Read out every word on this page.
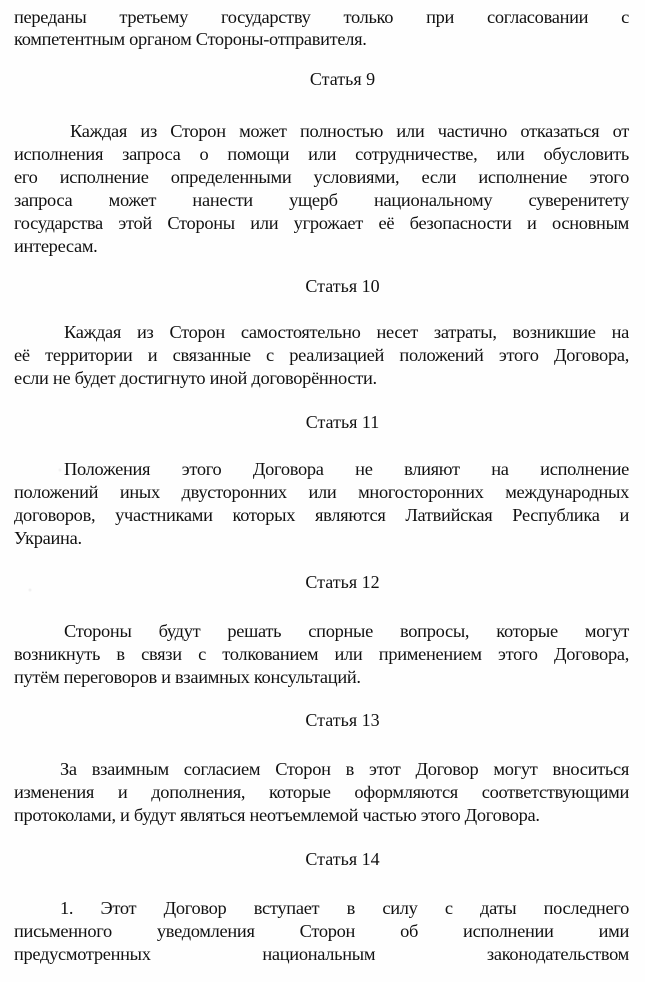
переданы третьему государству только при согласовании с
компетентным органом Стороны-отправителя.
Статья 9
Каждая из Сторон может полностью или частично отказаться от
исполнения запроса о помощи или сотрудничестве, или обусловить
его исполнение определенными условиями, если исполнение этого
запроса может нанести ущерб национальному суверенитету
государства этой Стороны или угрожает её безопасности и основным
интересам.
Статья 10
Каждая из Сторон самостоятельно несет затраты, возникшие на
её территории и связанные с реализацией положений этого Договора,
если не будет достигнуто иной договорённости.
Статья 11
Положения этого Договора не влияют на исполнение
положений иных двусторонних или многосторонних международных
договоров, участниками которых являются Латвийская Республика и
Украина.
Статья 12
Стороны будут решать спорные вопросы, которые могут
возникнуть в связи с толкованием или применением этого Договора,
путём переговоров и взаимных консультаций.
Статья 13
За взаимным согласием Сторон в этот Договор могут вноситься
изменения и дополнения, которые оформляются соответствующими
протоколами, и будут являться неотъемлемой частью этого Договора.
Статья 14
1. Этот Договор вступает в силу с даты последнего
письменного уведомления Сторон об исполнении ими
предусмотренных национальным законодательством
